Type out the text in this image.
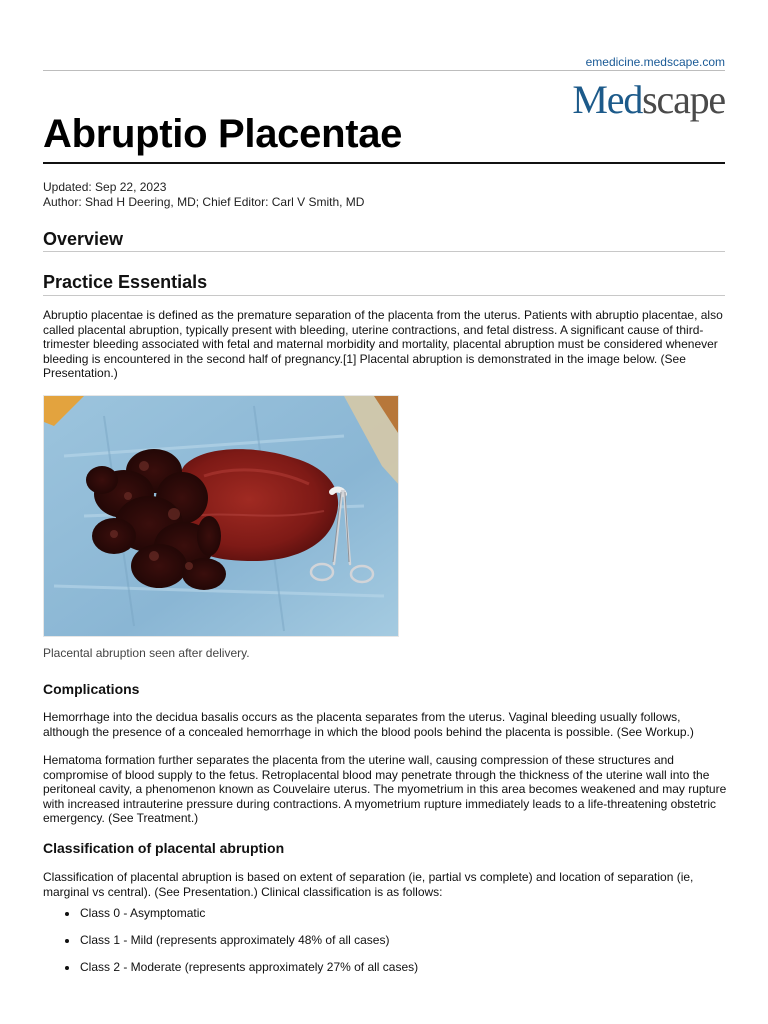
emedicine.medscape.com
Medscape
Abruptio Placentae
Updated: Sep 22, 2023
Author: Shad H Deering, MD; Chief Editor: Carl V Smith, MD
Overview
Practice Essentials

Abruptio placentae is defined as the premature separation of the placenta from the uterus. Patients with abruptio placentae, also called placental abruption, typically present with bleeding, uterine contractions, and fetal distress. A significant cause of third-trimester bleeding associated with fetal and maternal morbidity and mortality, placental abruption must be considered whenever bleeding is encountered in the second half of pregnancy.[1] Placental abruption is demonstrated in the image below. (See Presentation.)

Placental abruption seen after delivery.
Complications

Hemorrhage into the decidua basalis occurs as the placenta separates from the uterus. Vaginal bleeding usually follows, although the presence of a concealed hemorrhage in which the blood pools behind the placenta is possible. (See Workup.)

Hematoma formation further separates the placenta from the uterine wall, causing compression of these structures and compromise of blood supply to the fetus. Retroplacental blood may penetrate through the thickness of the uterine wall into the peritoneal cavity, a phenomenon known as Couvelaire uterus. The myometrium in this area becomes weakened and may rupture with increased intrauterine pressure during contractions. A myometrium rupture immediately leads to a life-threatening obstetric emergency. (See Treatment.)

Classification of placental abruption

Classification of placental abruption is based on extent of separation (ie, partial vs complete) and location of separation (ie, marginal vs central). (See Presentation.) Clinical classification is as follows:

Class 0 - Asymptomatic
Class 1 - Mild (represents approximately 48% of all cases)
Class 2 - Moderate (represents approximately 27% of all cases)
